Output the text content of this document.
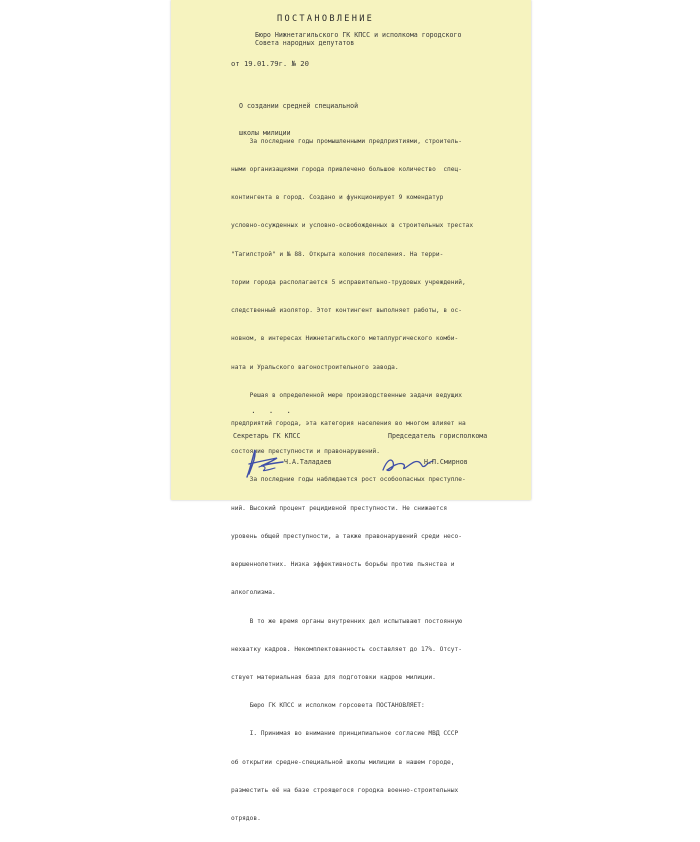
ПОСТАНОВЛЕНИЕ
Бюро Нижнетагильского ГК КПСС и исполкома городского
Совета народных депутатов
от 19.01.79г. № 20

О создании средней специальной

школы милиции

За последние годы промышленными предприятиями, строитель-

ными организациями города привлечено большое количество  спец-

контингента в город. Создано и функционирует 9 комендатур

условно-осужденных и условно-освобожденных в строительных трестах

"Тагилстрой" и № 88. Открыта колония поселения. На терри-

тории города располагается 5 исправительно-трудовых учреждений,

следственный изолятор. Этот контингент выполняет работы, в ос-

новном, в интересах Нижнетагильского металлургического комби-

ната и Уральского вагоностроительного завода.

Решая в определенной мере производственные задачи ведущих

предприятий города, эта категория населения во многом влияет на

состояние преступности и правонарушений.

За последние годы наблюдается рост особоопасных преступле-

ний. Высокий процент рецидивной преступности. Не снижается

уровень общей преступности, а также правонарушений среди несо-

вершеннолетних. Низка эффективность борьбы против пьянства и

алкоголизма.

В то же время органы внутренних дел испытывают постоянную

нехватку кадров. Некомплектованность составляет до 17%. Отсут-

ствует материальная база для подготовки кадров милиции.

Бюро ГК КПСС и исполком горсовета ПОСТАНОВЛЯЕТ:

I. Принимая во внимание принципиальное согласие МВД СССР

об открытии средне-специальной школы милиции в нашем городе,

разместить её на базе строящегося городка военно-строительных

отрядов.

. . .
Секретарь ГК КПСС	Председатель горисполкома
Ч.А.Таладаев	Н.П.Смирнов
